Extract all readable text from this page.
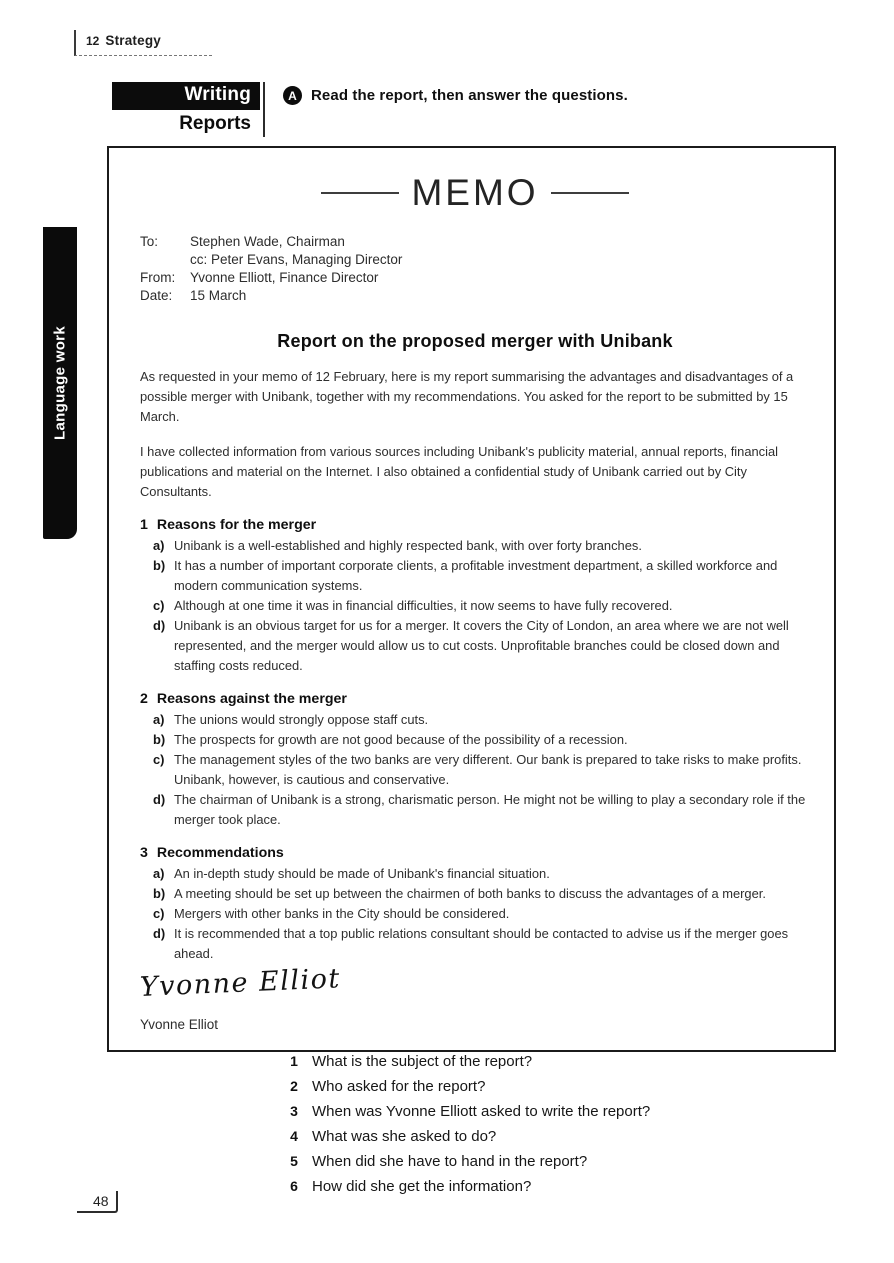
12 Strategy
Writing
Reports
A Read the report, then answer the questions.
Language work
MEMO
To:	Stephen Wade, Chairman
cc: Peter Evans, Managing Director
From:	Yvonne Elliott, Finance Director
Date:	15 March
Report on the proposed merger with Unibank
As requested in your memo of 12 February, here is my report summarising the advantages and disadvantages of a possible merger with Unibank, together with my recommendations. You asked for the report to be submitted by 15 March.
I have collected information from various sources including Unibank's publicity material, annual reports, financial publications and material on the Internet. I also obtained a confidential study of Unibank carried out by City Consultants.
1 Reasons for the merger
a) Unibank is a well-established and highly respected bank, with over forty branches.
b) It has a number of important corporate clients, a profitable investment department, a skilled workforce and modern communication systems.
c) Although at one time it was in financial difficulties, it now seems to have fully recovered.
d) Unibank is an obvious target for us for a merger. It covers the City of London, an area where we are not well represented, and the merger would allow us to cut costs. Unprofitable branches could be closed down and staffing costs reduced.
2 Reasons against the merger
a) The unions would strongly oppose staff cuts.
b) The prospects for growth are not good because of the possibility of a recession.
c) The management styles of the two banks are very different. Our bank is prepared to take risks to make profits. Unibank, however, is cautious and conservative.
d) The chairman of Unibank is a strong, charismatic person. He might not be willing to play a secondary role if the merger took place.
3 Recommendations
a) An in-depth study should be made of Unibank's financial situation.
b) A meeting should be set up between the chairmen of both banks to discuss the advantages of a merger.
c) Mergers with other banks in the City should be considered.
d) It is recommended that a top public relations consultant should be contacted to advise us if the merger goes ahead.
Yvonne Elliot
Yvonne Elliot
1 What is the subject of the report?
2 Who asked for the report?
3 When was Yvonne Elliott asked to write the report?
4 What was she asked to do?
5 When did she have to hand in the report?
6 How did she get the information?
48
